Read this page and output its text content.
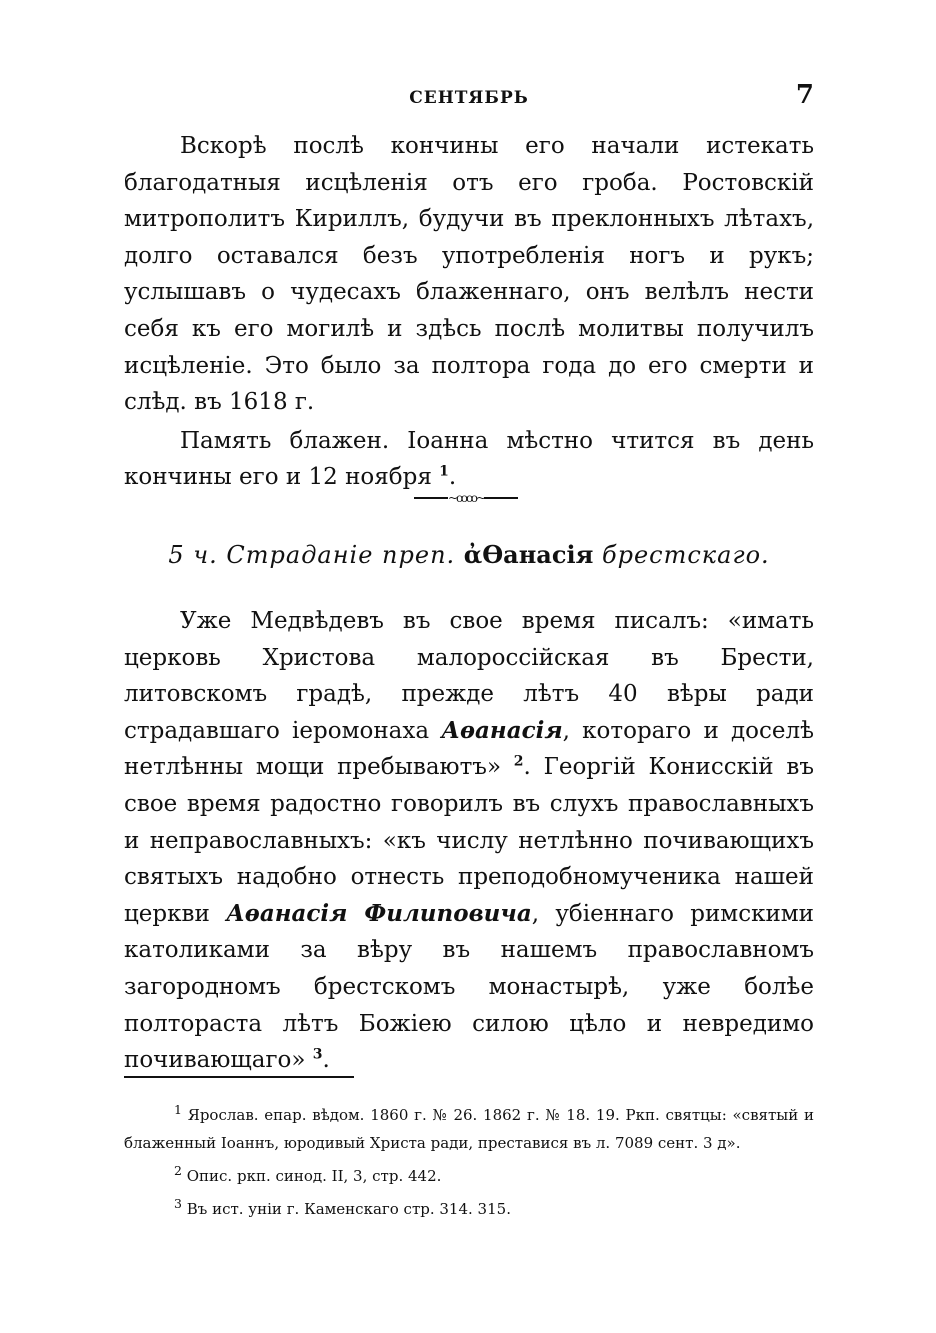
СЕНТЯБРЬ	7

Вскорѣ послѣ кончины его начали истекать благодатныя исцѣленія отъ его гроба. Ростовскій митрополитъ Кириллъ, будучи въ преклонныхъ лѣтахъ, долго оставался безъ употребленія ногъ и рукъ; услышавъ о чудесахъ блаженнаго, онъ велѣлъ нести себя къ его могилѣ и здѣсь послѣ молитвы получилъ исцѣленіе. Это было за полтора года до его смерти и слѣд. въ 1618 г.

Память блажен. Іоанна мѣстно чтится въ день кончины его и 12 ноября $^1$.

~ꝏꝏ~
5 ч. Страданіе преп. ἀѲанасія брестскаго.

Уже Медвѣдевъ въ свое время писалъ: «имать церковь Христова малороссійская въ Брести, литовскомъ градѣ, прежде лѣтъ 40 вѣры ради страдавшаго іеромонаха Аѳанасія, котораго и доселѣ нетлѣнны мощи пребываютъ» $^2$. Георгій Конисскій въ свое время радостно говорилъ въ слухъ православныхъ и неправославныхъ: «къ числу нетлѣнно почивающихъ святыхъ надобно отнесть преподобномученика нашей церкви Аѳанасія Филиповича, убіеннаго римскими католиками за вѣру въ нашемъ православномъ загородномъ брестскомъ монастырѣ, уже болѣе полтораста лѣтъ Божіею силою цѣло и невредимо почивающаго» $^3$.

$^1$ Ярослав. епар. вѣдом. 1860 г. № 26. 1862 г. № 18. 19. Ркп. святцы: «святый и блаженный Іоаннъ, юродивый Христа ради, преставися въ л. 7089 сент. 3 д».

$^2$ Опис. ркп. синод. II, 3, стр. 442.

$^3$ Въ ист. уніи г. Каменскаго стр. 314. 315.
